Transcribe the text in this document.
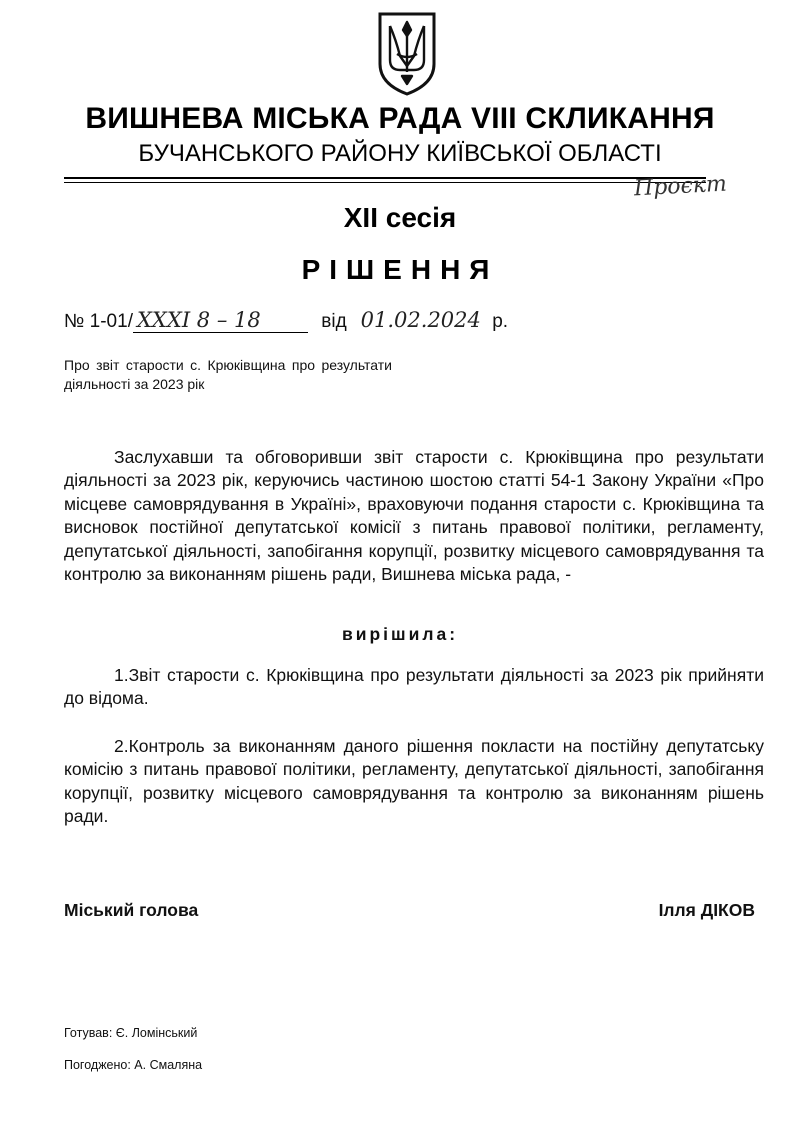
ВИШНЕВА МІСЬКА РАДА VIII СКЛИКАННЯ
БУЧАНСЬКОГО РАЙОНУ КИЇВСЬКОЇ ОБЛАСТІ
Проєкт
XII сесія
РІШЕННЯ
№ 1-01/ XXXI 8 – 18	від 01.02.2024 р.
Про звіт старости с. Крюківщина про результати діяльності за 2023 рік
Заслухавши та обговоривши звіт старости с. Крюківщина про результати діяльності за 2023 рік, керуючись частиною шостою статті 54-1 Закону України «Про місцеве самоврядування в Україні», враховуючи подання старости с. Крюківщина та висновок постійної депутатської комісії з питань правової політики, регламенту, депутатської діяльності, запобігання корупції, розвитку місцевого самоврядування та контролю за виконанням рішень ради, Вишнева міська рада, -
вирішила:
1.Звіт старости с. Крюківщина про результати діяльності за 2023 рік прийняти до відома.
2.Контроль за виконанням даного рішення покласти на постійну депутатську комісію з питань правової політики, регламенту, депутатської діяльності, запобігання корупції, розвитку місцевого самоврядування та контролю за виконанням рішень ради.
Міський голова	Ілля ДІКОВ
Готував: Є. Ломінський
Погоджено: А. Смаляна
